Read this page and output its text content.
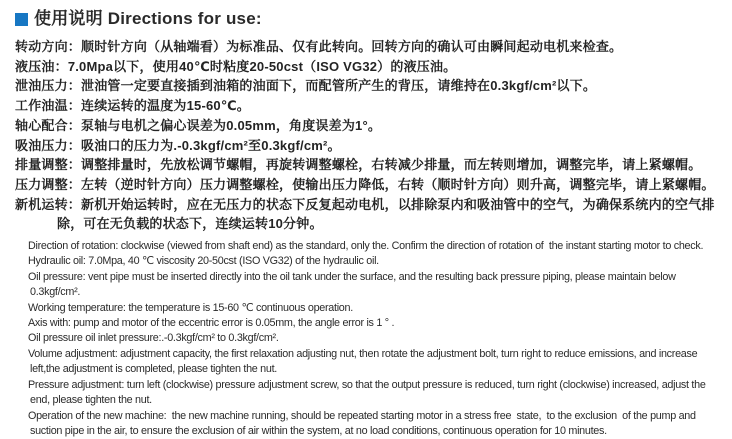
使用说明 Directions for use:
转动方向：顺时针方向（从轴端看）为标准品、仅有此转向。回转方向的确认可由瞬间起动电机来检查。
液压油：7.0Mpa以下，使用40℃时粘度20-50cst（ISO VG32）的液压油。
泄油压力：泄油管一定要直接插到油箱的油面下，而配管所产生的背压，请维持在0.3kgf/cm²以下。
工作油温：连续运转的温度为15-60℃。
轴心配合：泵轴与电机之偏心误差为0.05mm，角度误差为1°。
吸油压力：吸油口的压力为.-0.3kgf/cm²至0.3kgf/cm²。
排量调整：调整排量时，先放松调节螺帽，再旋转调整螺栓，右转减少排量，而左转则增加，调整完毕，请上紧螺帽。
压力调整：左转（逆时针方向）压力调整螺栓，使输出压力降低，右转（顺时针方向）则升高，调整完毕，请上紧螺帽。
新机运转：新机开始运转时，应在无压力的状态下反复起动电机，以排除泵内和吸油管中的空气，为确保系统内的空气排除，可在无负载的状态下，连续运转10分钟。
Direction of rotation: clockwise (viewed from shaft end) as the standard, only the. Confirm the direction of rotation of  the instant starting motor to check.
Hydraulic oil: 7.0Mpa, 40 ℃ viscosity 20-50cst (ISO VG32) of the hydraulic oil.
Oil pressure: vent pipe must be inserted directly into the oil tank under the surface, and the resulting back pressure piping, please maintain below 0.3kgf/cm².
Working temperature: the temperature is 15-60 ℃ continuous operation.
Axis with: pump and motor of the eccentric error is 0.05mm, the angle error is 1 ° .
Oil pressure oil inlet pressure:.-0.3kgf/cm² to 0.3kgf/cm².
Volume adjustment: adjustment capacity, the first relaxation adjusting nut, then rotate the adjustment bolt, turn right to reduce emissions, and increase left,the adjustment is completed, please tighten the nut.
Pressure adjustment: turn left (clockwise) pressure adjustment screw, so that the output pressure is reduced, turn right (clockwise) increased, adjust the end, please tighten the nut.
Operation of the new machine:  the new machine running, should be repeated starting motor in a stress free  state,  to the exclusion  of the pump and  suction pipe in the air, to ensure the exclusion of air within the system, at no load conditions, continuous operation for 10 minutes.
